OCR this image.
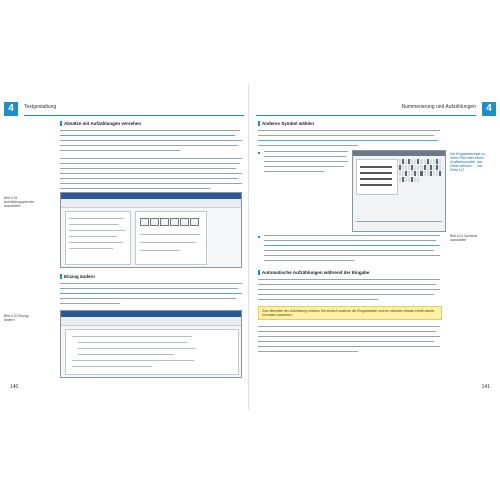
4	Textgestaltung
Absätze mit Aufzählungen versehen
Bild 4.19 Aufzählungszeichen auswählen
Einzug ändern
Bild 4.20 Einzug ändern
140
4
Nummerierung und Aufzählungen
Anderes Symbol wählen
Die Eingabeanzeige zu Ihrem Pfeil oder einem Grafikdessinpfeil, das Detail ablesen, ... hat - Seite 112
Automatische Aufzählungen während der Eingabe
Zum Beenden der Aufzählung drücken Sie einfach zweimal die Eingabetaste und ein nächster Absatz erhält wieder normales Aussehen.
Bild 4.21 Symbole auswählen
141
